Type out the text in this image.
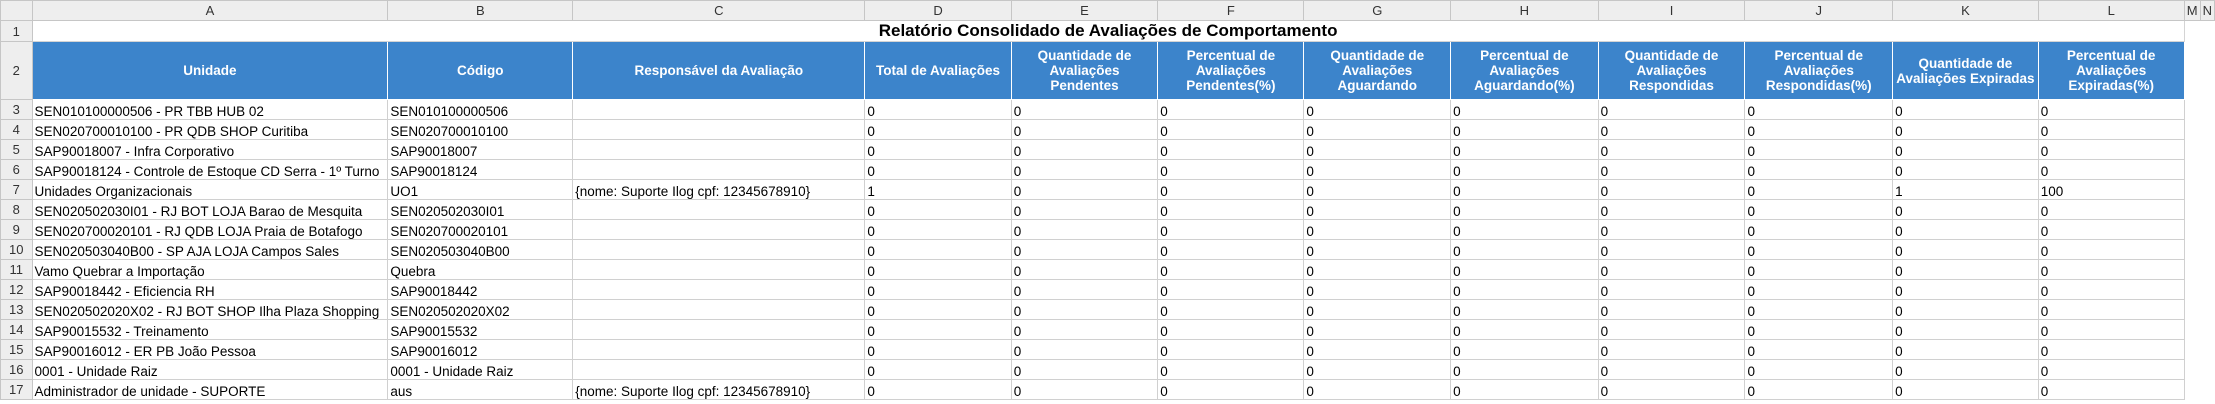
	A	B	C	D	E	F	G	H	I	J	K	L	M	N
1	Relatório Consolidado de Avaliações de Comportamento													
2	Unidade	Código	Responsável da Avaliação	Total de Avaliações	Quantidade de Avaliações Pendentes	Percentual de Avaliações Pendentes(%)	Quantidade de Avaliações Aguardando	Percentual de Avaliações Aguardando(%)	Quantidade de Avaliações Respondidas	Percentual de Avaliações Respondidas(%)	Quantidade de Avaliações Expiradas	Percentual de Avaliações Expiradas(%)		
3	SEN010100000506 - PR TBB HUB 02	SEN010100000506		0	0	0	0	0	0	0	0	0		
4	SEN020700010100 - PR QDB SHOP Curitiba	SEN020700010100		0	0	0	0	0	0	0	0	0		
5	SAP90018007 - Infra Corporativo	SAP90018007		0	0	0	0	0	0	0	0	0		
6	SAP90018124 - Controle de Estoque CD Serra - 1º Turno	SAP90018124		0	0	0	0	0	0	0	0	0		
7	Unidades Organizacionais	UO1	{nome: Suporte Ilog cpf: 12345678910}	1	0	0	0	0	0	0	1	100		
8	SEN020502030I01 - RJ BOT LOJA Barao de Mesquita	SEN020502030I01		0	0	0	0	0	0	0	0	0		
9	SEN020700020101 - RJ QDB LOJA Praia de Botafogo	SEN020700020101		0	0	0	0	0	0	0	0	0		
10	SEN020503040B00 - SP AJA LOJA Campos Sales	SEN020503040B00		0	0	0	0	0	0	0	0	0		
11	Vamo Quebrar a Importação	Quebra		0	0	0	0	0	0	0	0	0		
12	SAP90018442 - Eficiencia RH	SAP90018442		0	0	0	0	0	0	0	0	0		
13	SEN020502020X02 - RJ BOT SHOP Ilha Plaza Shopping	SEN020502020X02		0	0	0	0	0	0	0	0	0		
14	SAP90015532 - Treinamento	SAP90015532		0	0	0	0	0	0	0	0	0		
15	SAP90016012 - ER PB João Pessoa	SAP90016012		0	0	0	0	0	0	0	0	0		
16	0001 - Unidade Raiz	0001 - Unidade Raiz		0	0	0	0	0	0	0	0	0		
17	Administrador de unidade - SUPORTE	aus	{nome: Suporte Ilog cpf: 12345678910}	0	0	0	0	0	0	0	0	0		
